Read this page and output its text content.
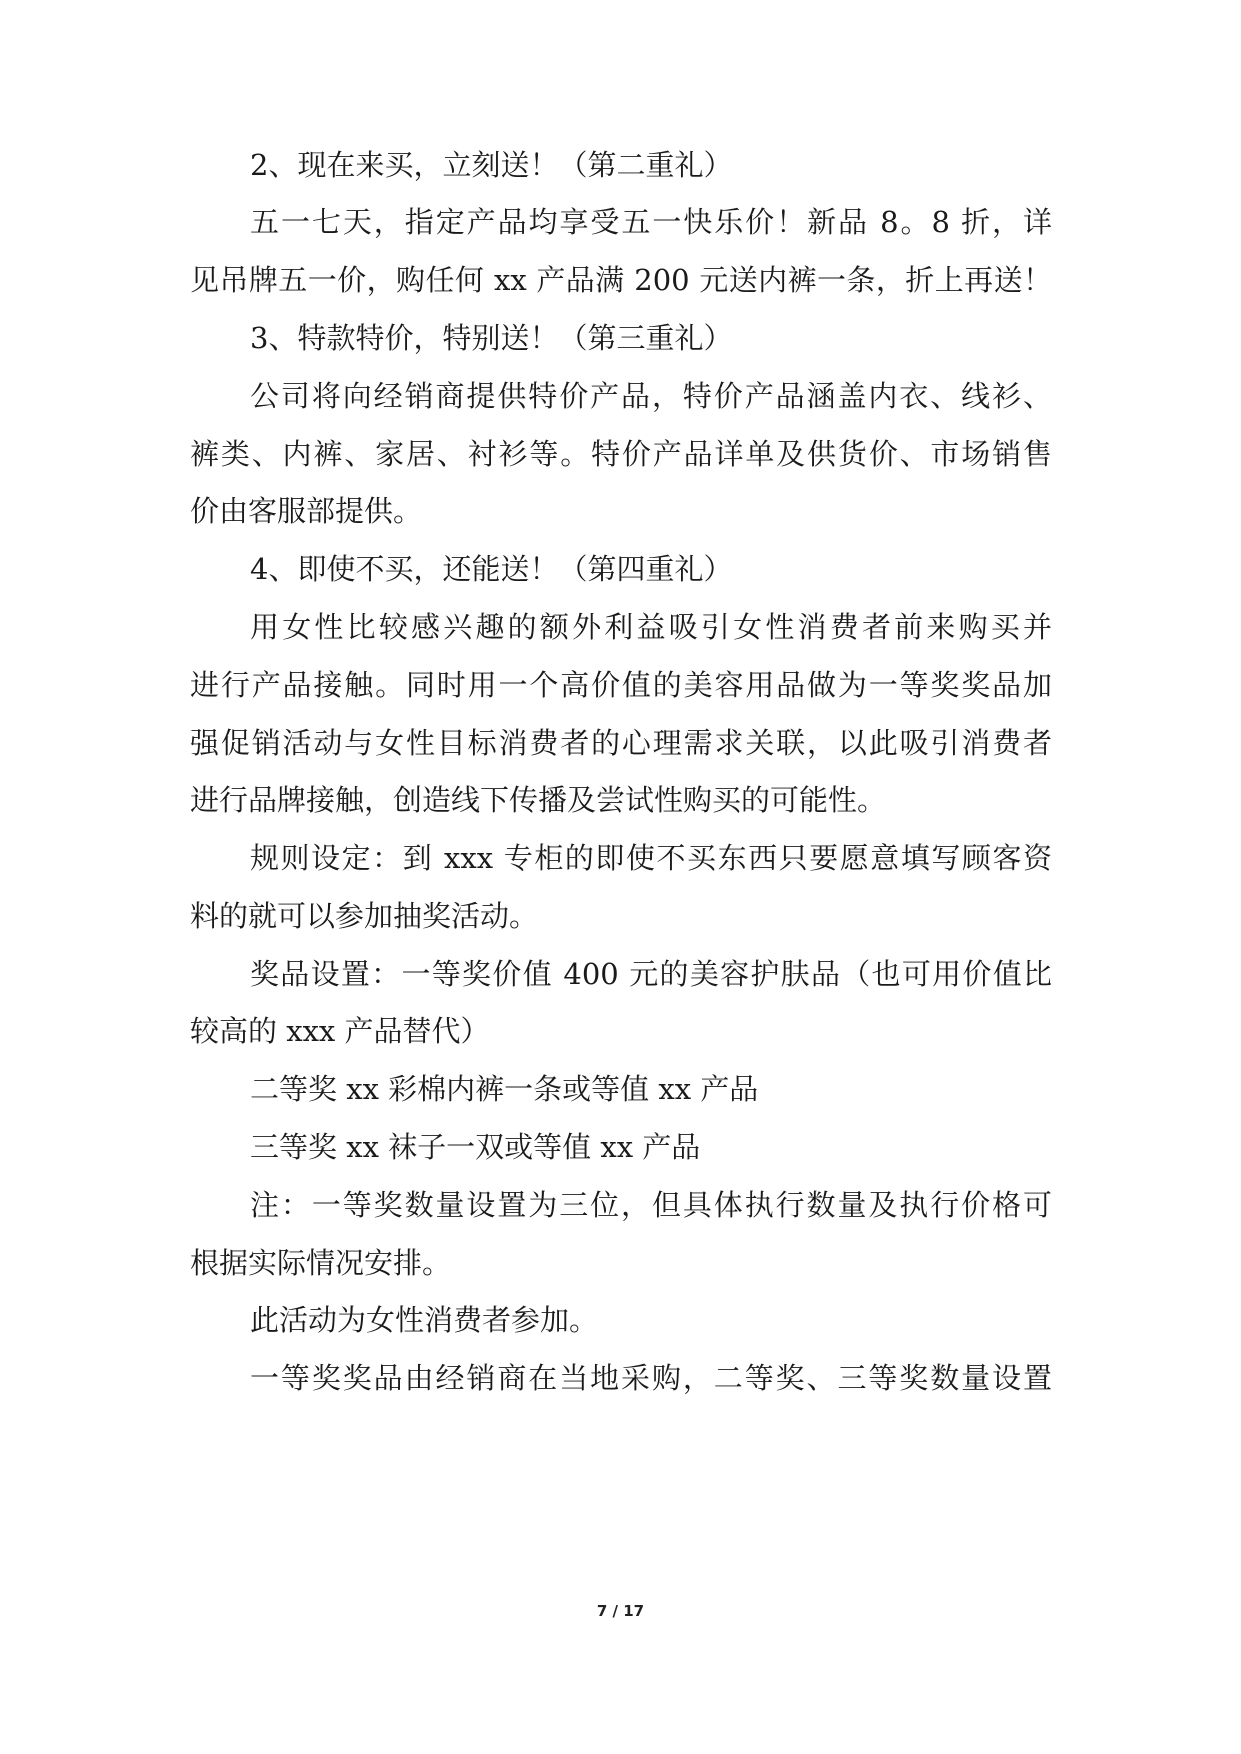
2、现在来买，立刻送！（第二重礼）
五一七天，指定产品均享受五一快乐价！新品 8。8 折，详
见吊牌五一价，购任何 xx 产品满 200 元送内裤一条，折上再送！
3、特款特价，特别送！（第三重礼）
公司将向经销商提供特价产品，特价产品涵盖内衣、线衫、
裤类、内裤、家居、衬衫等。特价产品详单及供货价、市场销售
价由客服部提供。
4、即使不买，还能送！（第四重礼）
用女性比较感兴趣的额外利益吸引女性消费者前来购买并
进行产品接触。同时用一个高价值的美容用品做为一等奖奖品加
强促销活动与女性目标消费者的心理需求关联，以此吸引消费者
进行品牌接触，创造线下传播及尝试性购买的可能性。
规则设定：到 xxx 专柜的即使不买东西只要愿意填写顾客资
料的就可以参加抽奖活动。
奖品设置：一等奖价值 400 元的美容护肤品（也可用价值比
较高的 xxx 产品替代）
二等奖 xx 彩棉内裤一条或等值 xx 产品
三等奖 xx 袜子一双或等值 xx 产品
注：一等奖数量设置为三位，但具体执行数量及执行价格可
根据实际情况安排。
此活动为女性消费者参加。
一等奖奖品由经销商在当地采购，二等奖、三等奖数量设置
7 / 17
